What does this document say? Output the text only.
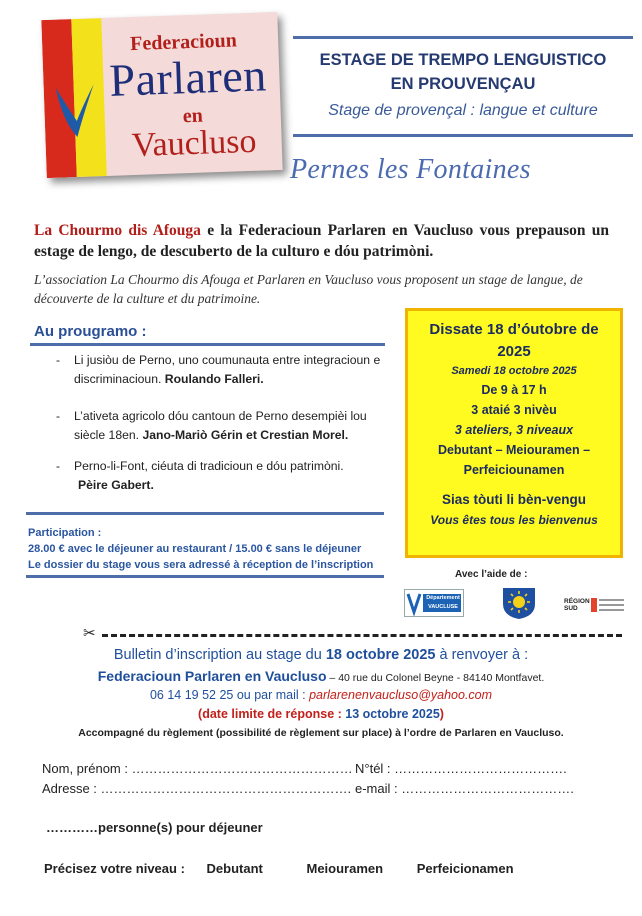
Federacioun
Parlaren
en
Vaucluso
ESTAGE DE TREMPO LENGUISTICO
EN PROUVENÇAU
Stage de provençal : langue et culture
Pernes les Fontaines
La Chourmo dis Afouga e la Federacioun Parlaren en Vaucluso vous prepauson un estage de lengo, de descuberto de la culturo e dóu patrimòni.
L’association La Chourmo dis Afouga et Parlaren en Vaucluso vous proposent un stage de langue, de découverte de la culture et du patrimoine.
Au prougramo :
-	Li jusiòu de Perno, uno coumunauta entre integracioun e discriminacioun. Roulando Falleri.
-	L’ativeta agricolo dóu cantoun de Perno desempièi lou siècle 18en. Jano-Mariò Gérin et Crestian Morel.
-	Perno-li-Font, ciéuta di tradicioun e dóu patrimòni.
Pèire Gabert.
Participation :
28.00 € avec le déjeuner au restaurant / 15.00 € sans le déjeuner
Le dossier du stage vous sera adressé à réception de l’inscription
Dissate 18 d’óutobre de
2025
Samedi 18 octobre 2025
De 9 à 17 h
3 ataié 3 nivèu
3 ateliers, 3 niveaux
Debutant – Meiouramen –
Perfeiciounamen
Sias tòuti li bèn-vengu
Vous êtes tous les bienvenus
Avec l’aide de :
Département VAUCLUSE
RÉGION SUD
✂
Bulletin d’inscription au stage du 18 octobre 2025 à renvoyer à :
Federacioun Parlaren en Vaucluso – 40 rue du Colonel Beyne - 84140 Montfavet.
06 14 19 52 25 ou par mail : parlarenenvaucluso@yahoo.com
(date limite de réponse : 13 octobre 2025)
Accompagné du règlement (possibilité de règlement sur place) à l’ordre de Parlaren en Vaucluso.
Nom, prénom : …………………………………………… N°tél : ………………………………….
Adresse : …………………………………………………. e-mail : ………………………………….
…………personne(s) pour déjeuner
Précisez votre niveau : Debutant	Meiouramen	Perfeicionamen
